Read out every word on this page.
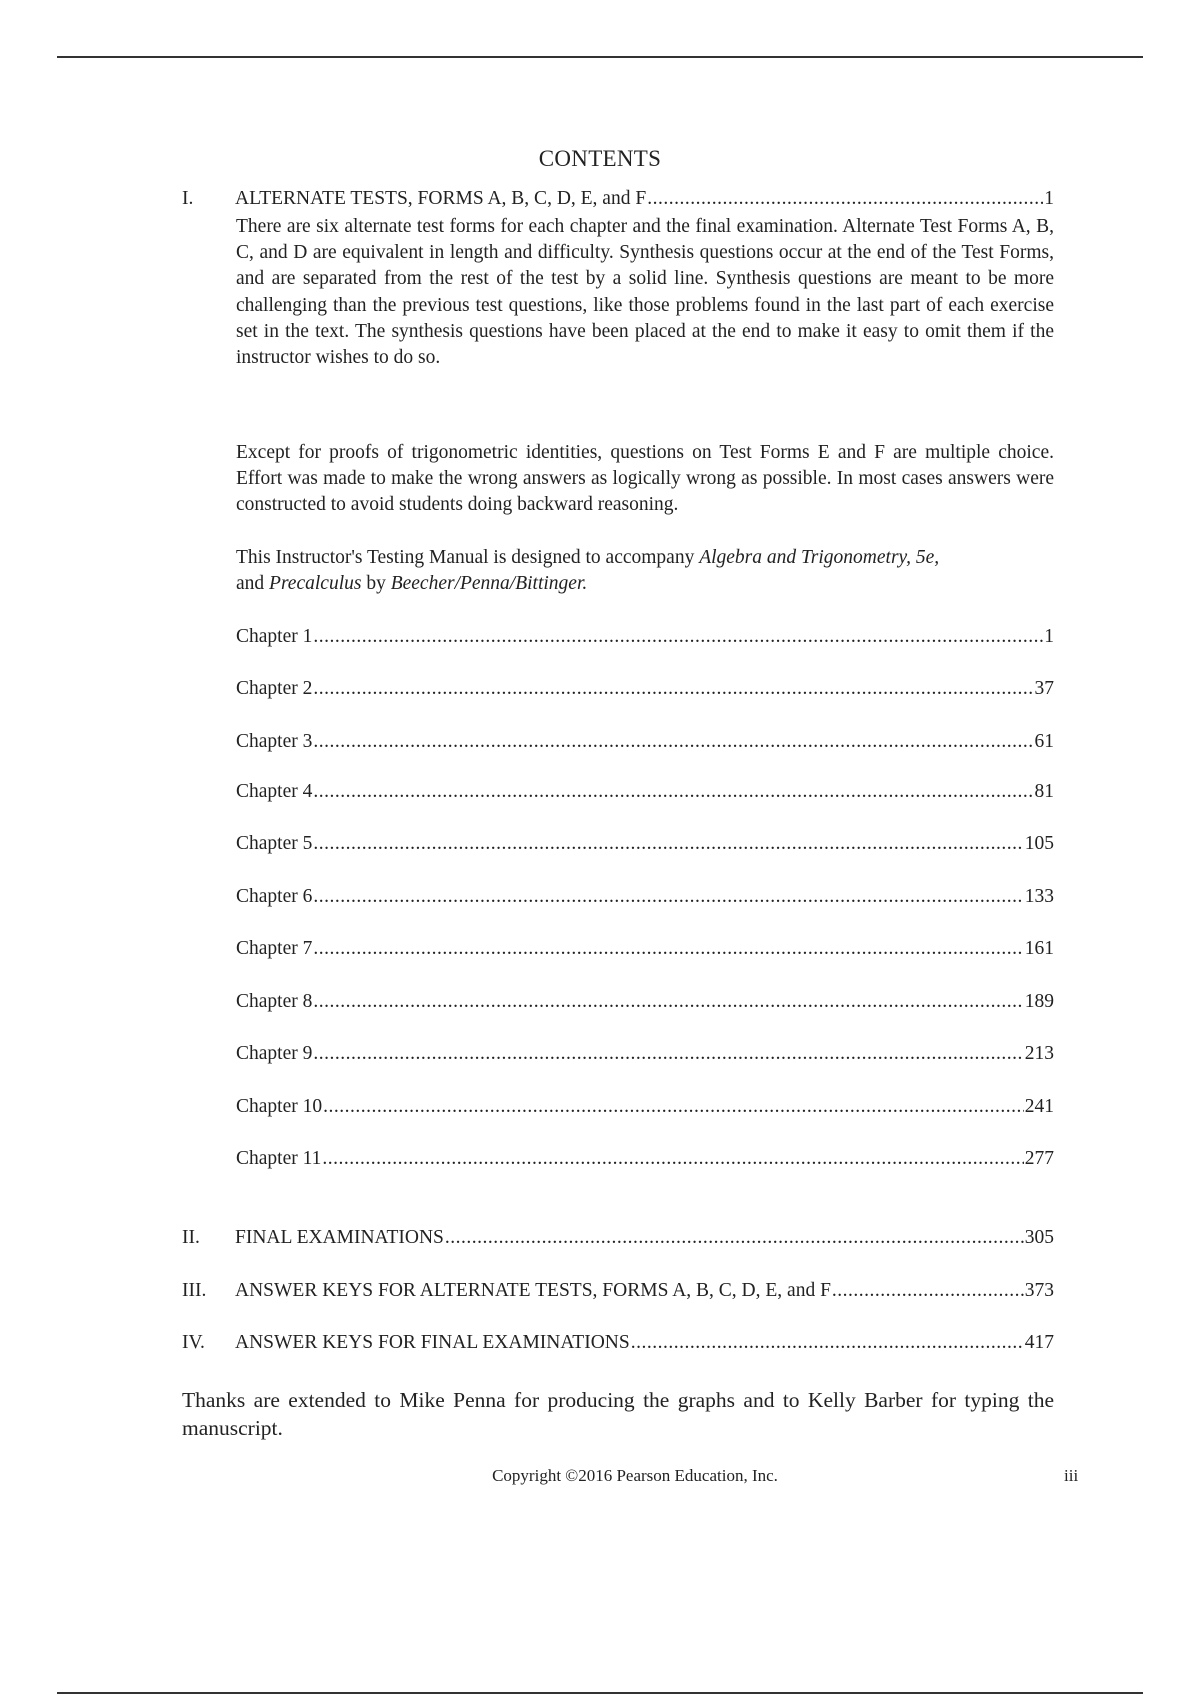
CONTENTS
I.	ALTERNATE TESTS, FORMS A, B, C, D, E, and F .....	1
There are six alternate test forms for each chapter and the final examination. Alternate Test Forms A, B, C, and D are equivalent in length and difficulty. Synthesis questions occur at the end of the Test Forms, and are separated from the rest of the test by a solid line. Synthesis questions are meant to be more challenging than the previous test questions, like those problems found in the last part of each exercise set in the text. The synthesis questions have been placed at the end to make it easy to omit them if the instructor wishes to do so.
Except for proofs of trigonometric identities, questions on Test Forms E and F are multiple choice. Effort was made to make the wrong answers as logically wrong as possible. In most cases answers were constructed to avoid students doing backward reasoning.
This Instructor's Testing Manual is designed to accompany Algebra and Trigonometry, 5e,
and Precalculus by Beecher/Penna/Bittinger.
Chapter 1 .....	1
Chapter 2 .....	37
Chapter 3 .....	61
Chapter 4 .....	81
Chapter 5 .....	105
Chapter 6 .....	133
Chapter 7 .....	161
Chapter 8 .....	189
Chapter 9 .....	213
Chapter 10 .....	241
Chapter 11 .....	277
II.	FINAL EXAMINATIONS .....	305
III.	ANSWER KEYS FOR ALTERNATE TESTS, FORMS A, B, C, D, E, and F .....	373
IV.	ANSWER KEYS FOR FINAL EXAMINATIONS .....	417
Thanks are extended to Mike Penna for producing the graphs and to Kelly Barber for typing the manuscript.
Copyright ©2016 Pearson Education, Inc.	iii
